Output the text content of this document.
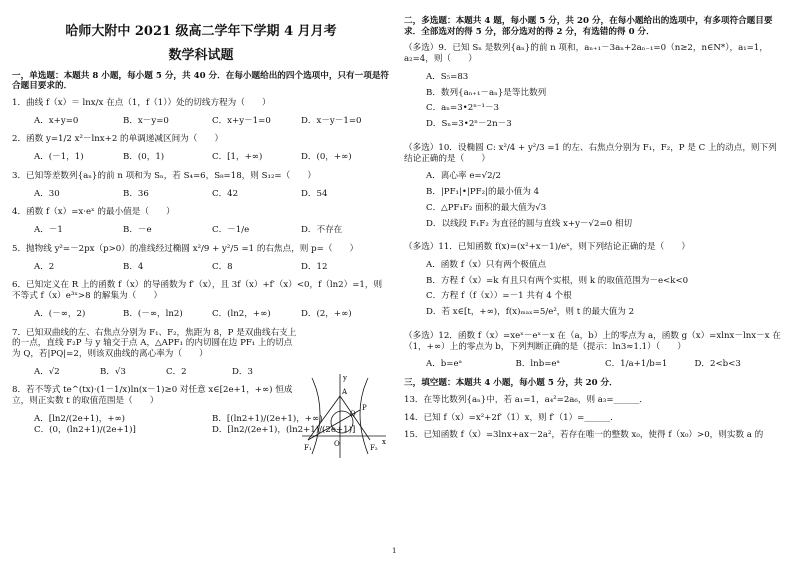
哈师大附中 2021 级高二学年下学期 4 月月考
数学科试题
一，单选题：本题共 8 小题，每小题 5 分，共 40 分．在每小题给出的四个选项中，只有一项是符合题目要求的．
1．曲线 f（x）＝ lnx/x 在点（1，f（1））处的切线方程为（　　）
A．x+y=0	B．x－y=0	C．x+y－1=0	D．x－y－1=0
2．函数 y=1/2 x²－lnx+2 的单调递减区间为（　　）
A．(－1，1)	B．(0，1)	C．[1，+∞)	D．(0，+∞)
3．已知等差数列{aₙ}的前 n 项和为 Sₙ，若 S₄=6，S₈=18，则 S₁₂=（　　）
A．30	B．36	C．42	D．54
4．函数 f（x）=x·eˣ 的最小值是（　　）
A．－1	B．－e	C．－1/e	D．不存在
5．抛物线 y²=－2px（p>0）的准线经过椭圆 x²/9 + y²/5 =1 的右焦点，则 p=（　　）
A．2	B．4	C．8	D．12
6．已知定义在 R 上的函数 f（x）的导函数为 f′（x），且 3f（x）+f′（x）<0，f（ln2）=1，则不等式 f（x）e³ˣ>8 的解集为（　　）
A．(－∞，2)	B．(－∞，ln2)	C．(ln2，+∞)	D．(2，+∞)
7．已知双曲线的左、右焦点分别为 F₁、F₂，焦距为 8，P 是双曲线右支上的一点，直线 F₂P 与 y 轴交于点 A，△APF₁ 的内切圆在边 PF₁ 上的切点为 Q，若|PQ|=2，则该双曲线的离心率为（　　）
A．√2	B．√3	C．2	D．3
8．若不等式 te^(tx)·(1－1/x)ln(x－1)≥0 对任意 x∈[2e+1，+∞) 恒成立，则正实数 t 的取值范围是（　　）
A．[ln2/(2e+1)，+∞)	B．[(ln2+1)/(2e+1)，+∞)
C．(0，(ln2+1)/(2e+1)]	D．[ln2/(2e+1)，(ln2+1)/(2e+1)]
y
x
A
P
Q
O
F₁	F₂
二，多选题：本题共 4 题，每小题 5 分，共 20 分，在每小题给出的选项中，有多项符合题目要求．全部选对的得 5 分，部分选对的得 2 分，有选错的得 0 分．
（多选）9．已知 Sₙ 是数列{aₙ}的前 n 项和，aₙ₊₁－3aₙ+2aₙ₋₁=0（n≥2，n∈N*），a₁=1，a₂=4，则（　　）
A．S₅=83
B．数列{aₙ₊₁－aₙ}是等比数列
C．aₙ=3•2ⁿ⁻¹－3
D．Sₙ=3•2ⁿ－2n－3
（多选）10．设椭圆 C: x²/4 + y²/3 =1 的左、右焦点分别为 F₁，F₂，P 是 C 上的动点，则下列结论正确的是（　　）
A．离心率 e=√2/2
B．|PF₁|•|PF₂|的最小值为 4
C．△PF₁F₂ 面积的最大值为√3
D．以线段 F₁F₂ 为直径的圆与直线 x+y－√2=0 相切
（多选）11．已知函数 f(x)=(x²+x－1)/eˣ，则下列结论正确的是（　　）
A．函数 f（x）只有两个极值点
B．方程 f（x）=k 有且只有两个实根，则 k 的取值范围为－e<k<0
C．方程 f（f（x））=－1 共有 4 个根
D．若 x∈[t，+∞)，f(x)ₘₐₓ=5/e²，则 t 的最大值为 2
（多选）12．函数 f（x）=xeˣ－eˣ－x 在（a，b）上的零点为 a，函数 g（x）=xlnx－lnx－x 在（1，+∞）上的零点为 b，下列判断正确的是（提示：ln3≈1.1）（　　）
A．b=eᵃ	B．lnb=eᵃ	C．1/a+1/b=1	D．2<b<3
三，填空题：本题共 4 小题，每小题 5 分，共 20 分．
13．在等比数列{aₙ}中，若 a₁=1，a₄²=2a₆，则 a₃=______．
14．已知 f（x）=x²+2f′（1）x，则 f′（1）=______．
15．已知函数 f（x）=3lnx+ax－2a²，若存在唯一的整数 x₀，使得 f（x₀）>0，则实数 a 的
1
